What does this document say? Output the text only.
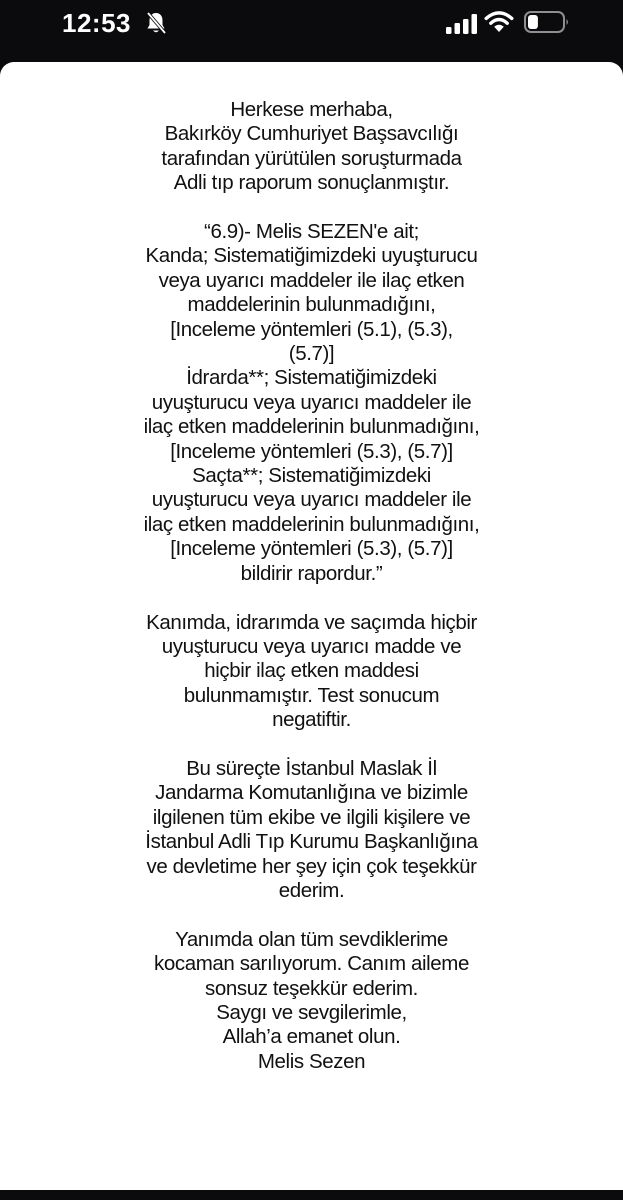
12:53
Herkese merhaba,
Bakırköy Cumhuriyet Başsavcılığı
tarafından yürütülen soruşturmada
Adli tıp raporum sonuçlanmıştır.
“6.9)- Melis SEZEN'e ait;
Kanda; Sistematiğimizdeki uyuşturucu
veya uyarıcı maddeler ile ilaç etken
maddelerinin bulunmadığını,
[Inceleme yöntemleri (5.1), (5.3),
(5.7)]
İdrarda**; Sistematiğimizdeki
uyuşturucu veya uyarıcı maddeler ile
ilaç etken maddelerinin bulunmadığını,
[Inceleme yöntemleri (5.3), (5.7)]
Saçta**; Sistematiğimizdeki
uyuşturucu veya uyarıcı maddeler ile
ilaç etken maddelerinin bulunmadığını,
[Inceleme yöntemleri (5.3), (5.7)]
bildirir rapordur.”
Kanımda, idrarımda ve saçımda hiçbir
uyuşturucu veya uyarıcı madde ve
hiçbir ilaç etken maddesi
bulunmamıştır. Test sonucum
negatiftir.
Bu süreçte İstanbul Maslak İl
Jandarma Komutanlığına ve bizimle
ilgilenen tüm ekibe ve ilgili kişilere ve
İstanbul Adli Tıp Kurumu Başkanlığına
ve devletime her şey için çok teşekkür
ederim.
Yanımda olan tüm sevdiklerime
kocaman sarılıyorum. Canım aileme
sonsuz teşekkür ederim.
Saygı ve sevgilerimle,
Allah’a emanet olun.
Melis Sezen
